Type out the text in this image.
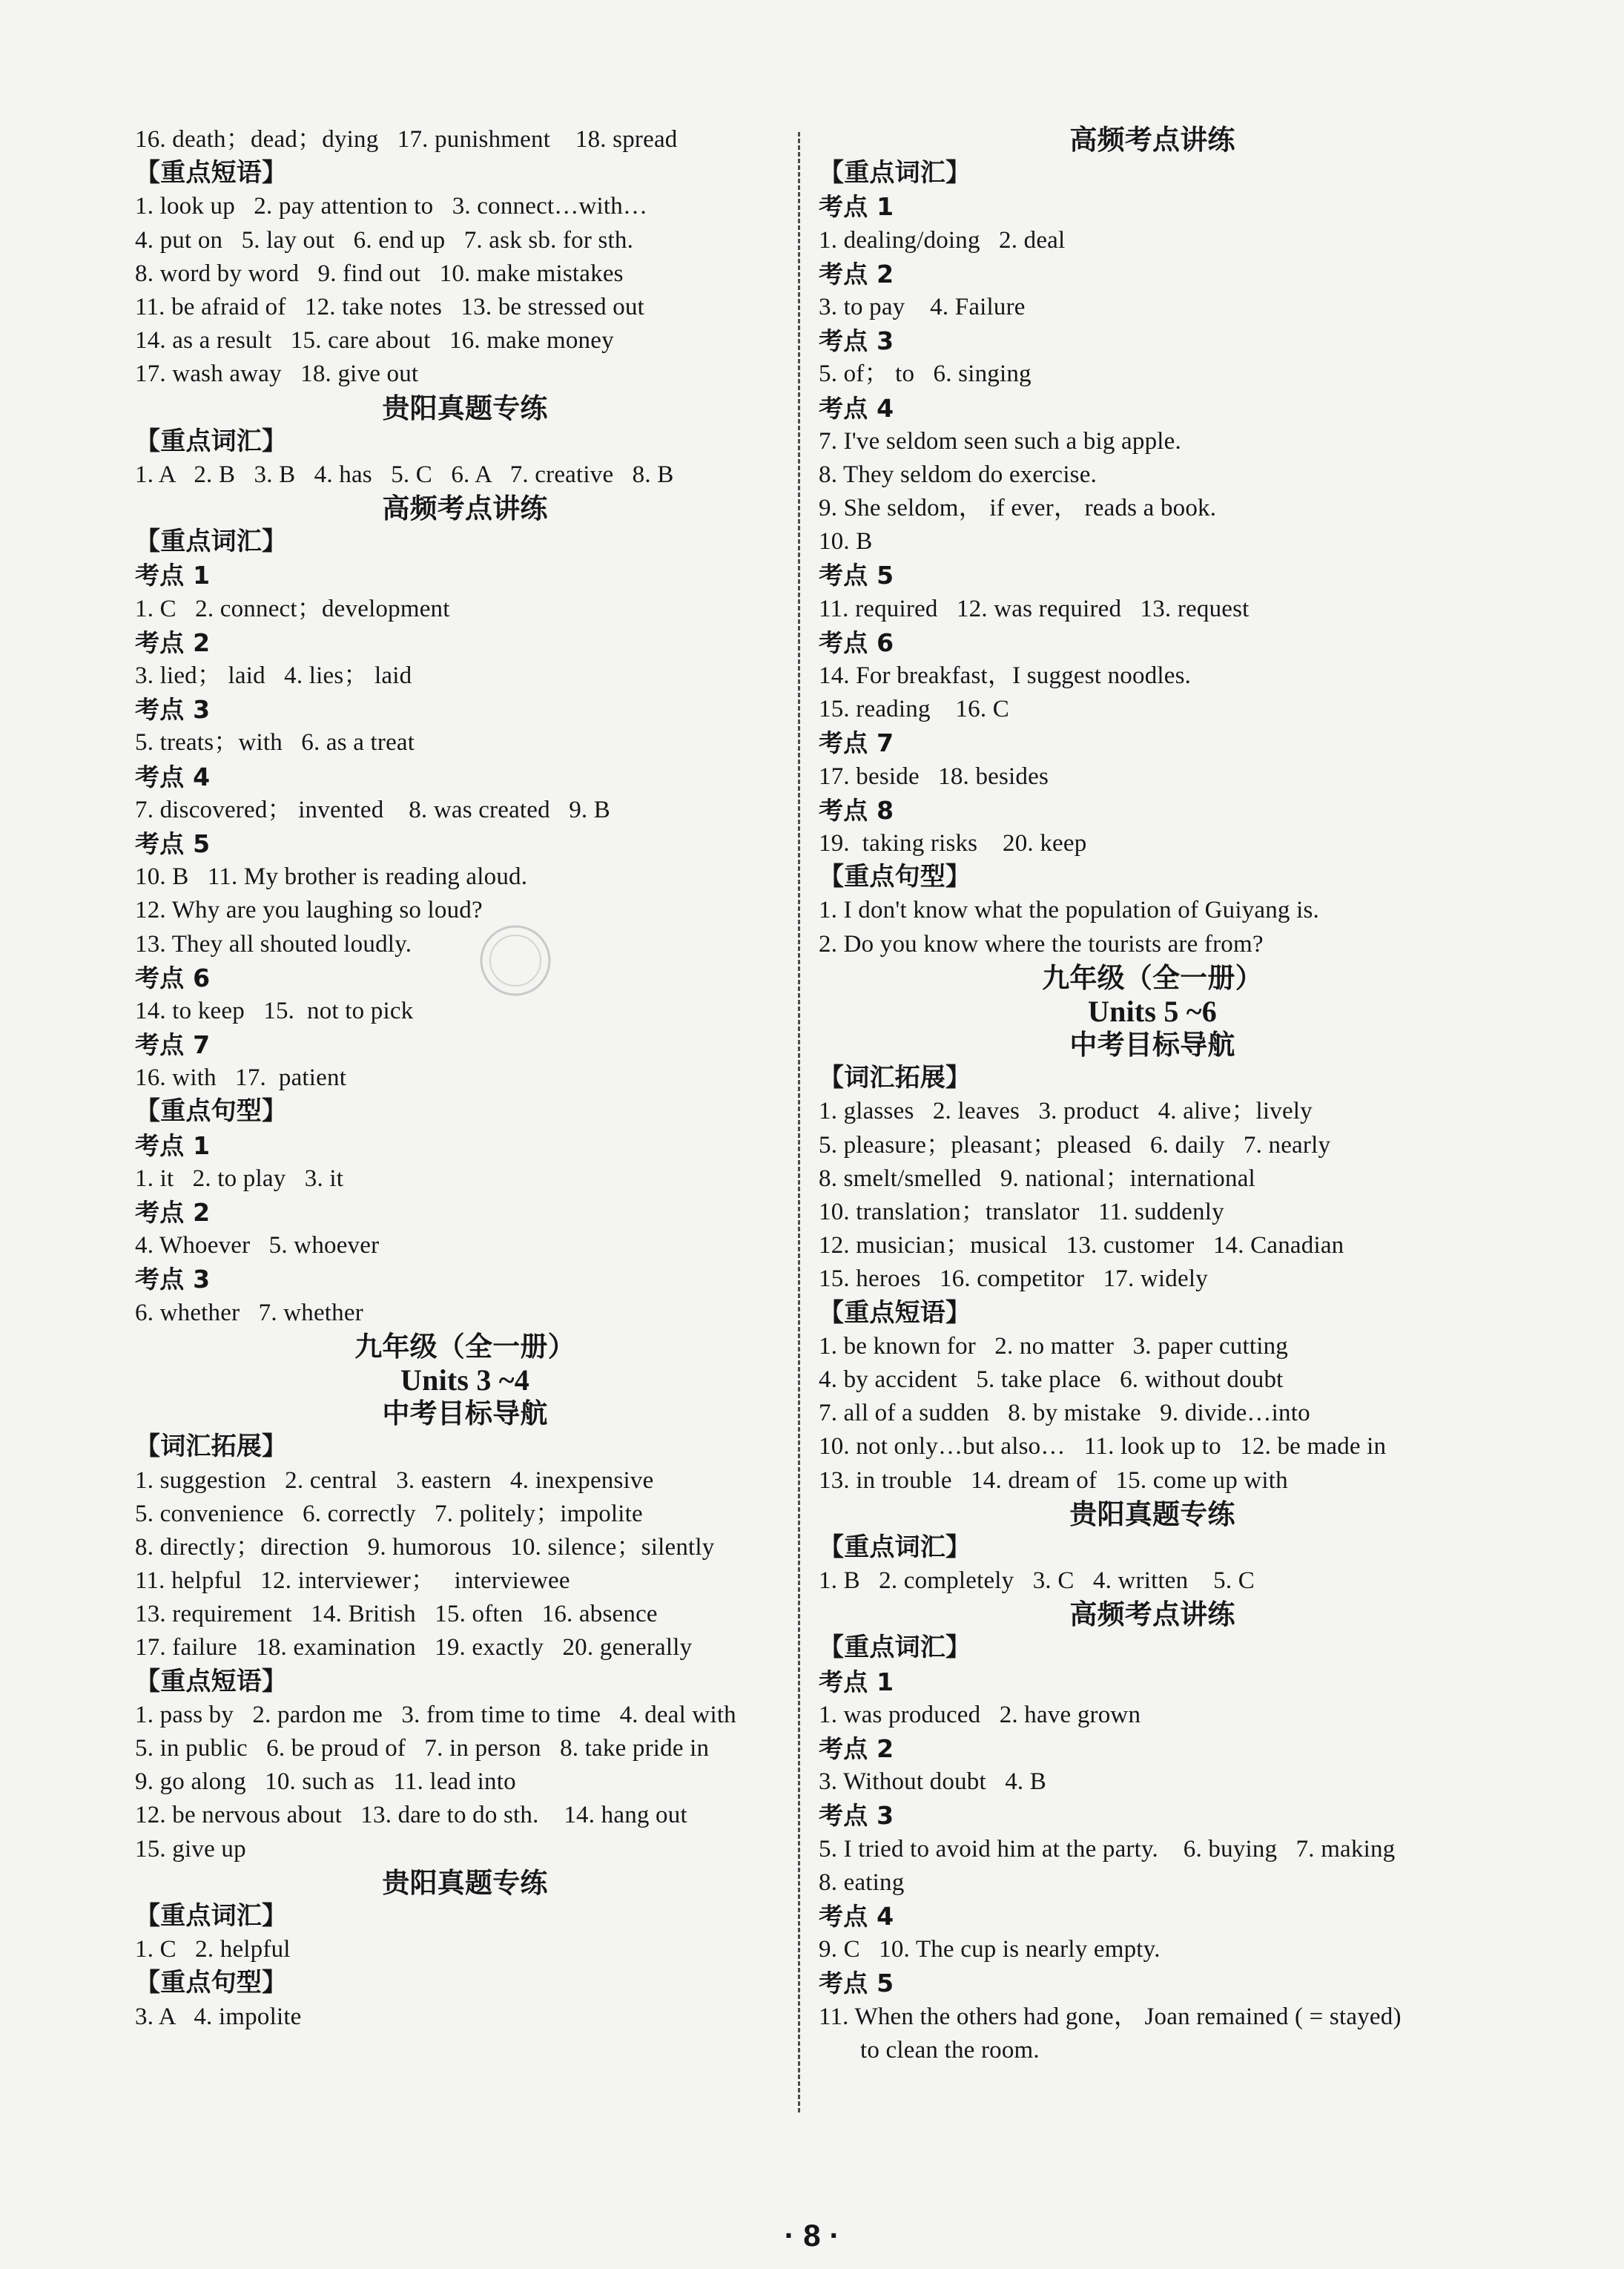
16. death；dead；dying   17. punishment    18. spread
【重点短语】
1. look up   2. pay attention to   3. connect…with…
4. put on   5. lay out   6. end up   7. ask sb. for sth.
8. word by word   9. find out   10. make mistakes
11. be afraid of   12. take notes   13. be stressed out
14. as a result   15. care about   16. make money
17. wash away   18. give out
贵阳真题专练
【重点词汇】
1. A   2. B   3. B   4. has   5. C   6. A   7. creative   8. B
高频考点讲练
【重点词汇】
考点 1
1. C   2. connect；development
考点 2
3. lied； laid   4. lies； laid
考点 3
5. treats；with   6. as a treat
考点 4
7. discovered； invented    8. was created   9. B
考点 5
10. B   11. My brother is reading aloud.
12. Why are you laughing so loud?
13. They all shouted loudly.
考点 6
14. to keep   15.  not to pick
考点 7
16. with   17.  patient
【重点句型】
考点 1
1. it   2. to play   3. it
考点 2
4. Whoever   5. whoever
考点 3
6. whether   7. whether
九年级（全一册）
Units 3 ~4
中考目标导航
【词汇拓展】
1. suggestion   2. central   3. eastern   4. inexpensive
5. convenience   6. correctly   7. politely；impolite
8. directly；direction   9. humorous   10. silence；silently
11. helpful   12. interviewer；   interviewee
13. requirement   14. British   15. often   16. absence
17. failure   18. examination   19. exactly   20. generally
【重点短语】
1. pass by   2. pardon me   3. from time to time   4. deal with
5. in public   6. be proud of   7. in person   8. take pride in
9. go along   10. such as   11. lead into
12. be nervous about   13. dare to do sth.    14. hang out
15. give up
贵阳真题专练
【重点词汇】
1. C   2. helpful
【重点句型】
3. A   4. impolite
高频考点讲练
【重点词汇】
考点 1
1. dealing/doing   2. deal
考点 2
3. to pay    4. Failure
考点 3
5. of； to   6. singing
考点 4
7. I've seldom seen such a big apple.
8. They seldom do exercise.
9. She seldom， if ever， reads a book.
10. B
考点 5
11. required   12. was required   13. request
考点 6
14. For breakfast，I suggest noodles.
15. reading    16. C
考点 7
17. beside   18. besides
考点 8
19.  taking risks    20. keep
【重点句型】
1. I don't know what the population of Guiyang is.
2. Do you know where the tourists are from?
九年级（全一册）
Units 5 ~6
中考目标导航
【词汇拓展】
1. glasses   2. leaves   3. product   4. alive；lively
5. pleasure；pleasant；pleased   6. daily   7. nearly
8. smelt/smelled   9. national；international
10. translation；translator   11. suddenly
12. musician；musical   13. customer   14. Canadian
15. heroes   16. competitor   17. widely
【重点短语】
1. be known for   2. no matter   3. paper cutting
4. by accident   5. take place   6. without doubt
7. all of a sudden   8. by mistake   9. divide…into
10. not only…but also…   11. look up to   12. be made in
13. in trouble   14. dream of   15. come up with
贵阳真题专练
【重点词汇】
1. B   2. completely   3. C   4. written    5. C
高频考点讲练
【重点词汇】
考点 1
1. was produced   2. have grown
考点 2
3. Without doubt   4. B
考点 3
5. I tried to avoid him at the party.    6. buying   7. making
8. eating
考点 4
9. C   10. The cup is nearly empty.
考点 5
11. When the others had gone， Joan remained ( = stayed)
to clean the room.
· 8 ·
